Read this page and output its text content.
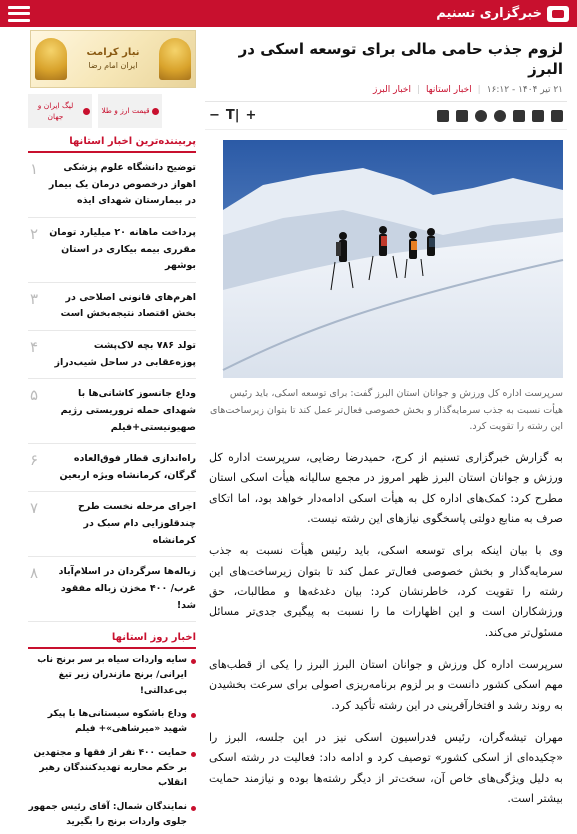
خبرگزاری تسنیم
لزوم جذب حامی مالی برای توسعه اسکی در البرز
۲۱ تیر ۱۴۰۴ - ۱۶:۱۲
|
اخبار استانها
|
اخبار البرز
− T| +

سرپرست اداره کل ورزش و جوانان استان البرز گفت: برای توسعه اسکی، باید رئیس هیأت نسبت به جذب سرمایه‌گذار و بخش خصوصی فعال‌تر عمل کند تا بتوان زیرساخت‌های این رشته را تقویت کرد.

به گزارش خبرگزاری تسنیم از کرج، حمیدرضا رضایی، سرپرست اداره کل ورزش و جوانان استان البرز ظهر امروز در مجمع سالیانه هیأت اسکی استان مطرح کرد: کمک‌های اداره کل به هیأت اسکی ادامه‌دار خواهد بود، اما اتکای صرف به منابع دولتی پاسخگوی نیازهای این رشته نیست.

وی با بیان اینکه برای توسعه اسکی، باید رئیس هیأت نسبت به جذب سرمایه‌گذار و بخش خصوصی فعال‌تر عمل کند تا بتوان زیرساخت‌های این رشته را تقویت کرد، خاطرنشان کرد: بیان دغدغه‌ها و مطالبات، حق ورزشکاران است و این اظهارات ما را نسبت به پیگیری جدی‌تر مسائل مسئول‌تر می‌کند.

سرپرست اداره کل ورزش و جوانان استان البرز البرز را یکی از قطب‌های مهم اسکی کشور دانست و بر لزوم برنامه‌ریزی اصولی برای سرعت بخشیدن به روند رشد و افتخارآفرینی در این رشته تأکید کرد.

مهران تیشه‌گران، رئیس فدراسیون اسکی نیز در این جلسه، البرز را «چکیده‌ای از اسکی کشور» توصیف کرد و ادامه داد: فعالیت در رشته اسکی به دلیل ویژگی‌های خاص آن، سخت‌تر از دیگر رشته‌ها بوده و نیازمند حمایت بیشتر است.

نبار کرامت
ایران امام رضا
قیمت ارز و طلا
لیگ ایران و جهان
پربیننده‌ترین اخبار استانها
توضیح دانشگاه علوم پزشکی اهواز درخصوص درمان یک بیمار در بیمارستان شهدای ایذه
۱
پرداخت ماهانه ۲۰ میلیارد تومان مقرری بیمه بیکاری در استان بوشهر
۲
اهرم‌های قانونی اصلاحی در بخش اقتصاد نتیجه‌بخش است
۳
تولد ۷۸۶ بچه لاک‌پشت پوزه‌عقابی در ساحل شیب‌دراز
۴
وداع جانسوز کاشانی‌ها با شهدای حمله تروریستی رژیم صهیونیستی+فیلم
۵
راه‌اندازی قطار فوق‌العاده گرگان، کرمانشاه ویژه اربعین
۶
اجرای مرحله نخست طرح چندقلوزایی دام سبک در کرمانشاه
۷
زباله‌ها سرگردان در اسلام‌آباد غرب/ ۴۰۰ مخزن زباله مفقود شد!
۸
اخبار روز استانها
سایه واردات سیاه بر سر برنج ناب ایرانی/ برنج مازندران زیر تیغ بی‌عدالتی!
وداع باشکوه سیستانی‌ها با پیکر شهید «میرشاهی»+ فیلم
حمایت ۴۰۰ نفر از فقها و مجتهدین بر حکم محاربه تهدیدکنندگان رهبر انقلاب
نمایندگان شمال: آقای رئیس جمهور جلوی واردات برنج را بگیرید
